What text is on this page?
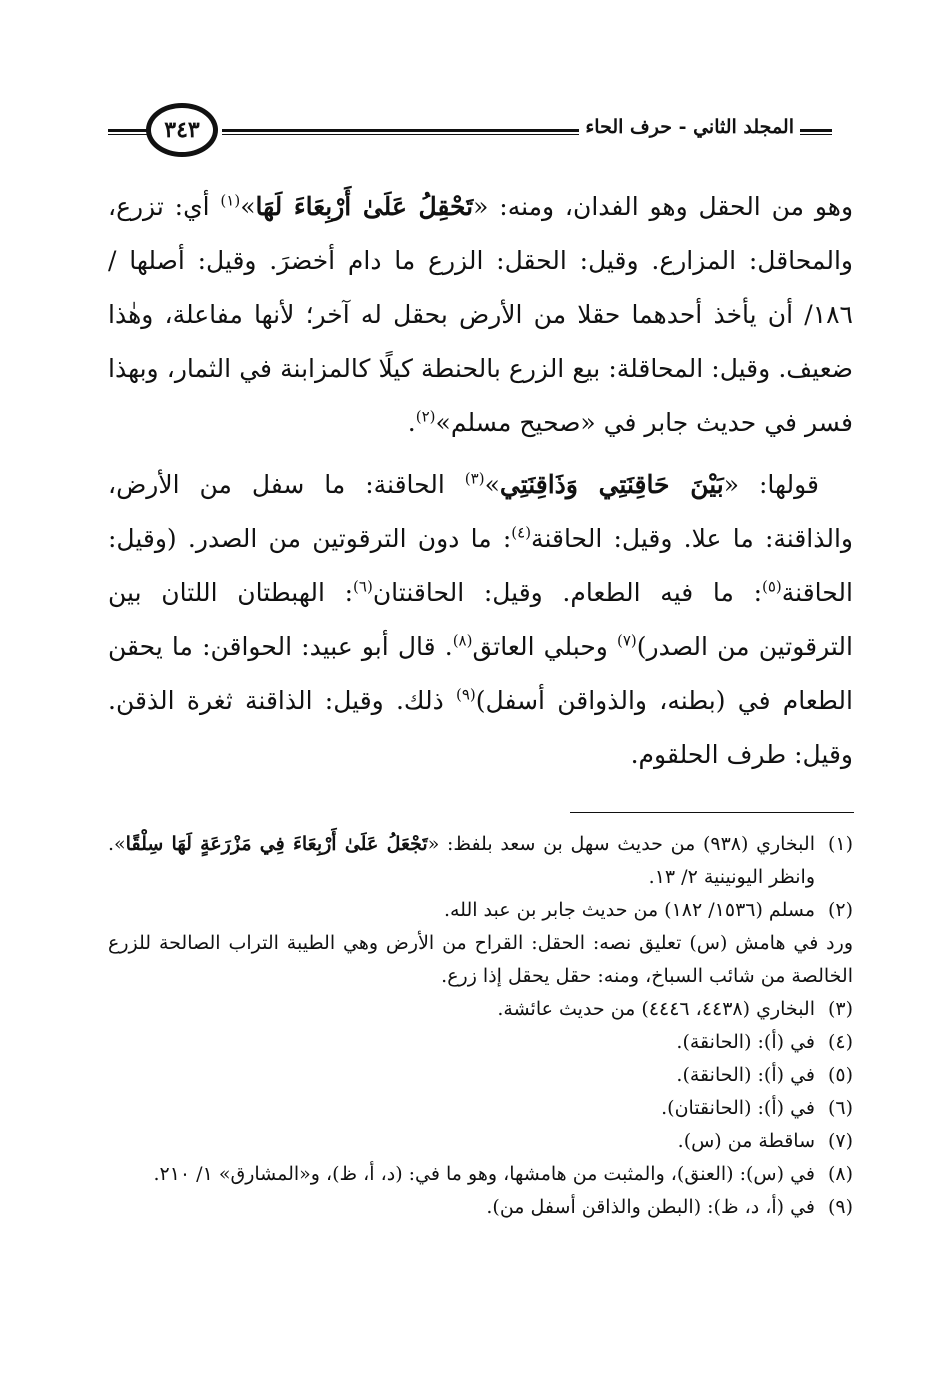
٣٤٣	المجلد الثاني - حرف الحاء

وهو من الحقل وهو الفدان، ومنه: «تَحْقِلُ عَلَىٰ أَرْبِعَاءَ لَهَا»$^{(١)}$ أي: تزرع، والمحاقل: المزارع. وقيل: الحقل: الزرع ما دام أخضرَ. وقيل: أصلها /١٨٦/ أن يأخذ أحدهما حقلا من الأرض بحقل له آخر؛ لأنها مفاعلة، وهٰذا ضعيف. وقيل: المحاقلة: بيع الزرع بالحنطة كيلًا كالمزابنة في الثمار، وبهذا فسر في حديث جابر في «صحيح مسلم»$^{(٢)}$.

قولها: «بَيْنَ حَاقِنَتِي وَذَاقِنَتِي»$^{(٣)}$ الحاقنة: ما سفل من الأرض، والذاقنة: ما علا. وقيل: الحاقنة$^{(٤)}$: ما دون الترقوتين من الصدر. (وقيل: الحاقنة$^{(٥)}$: ما فيه الطعام. وقيل: الحاقنتان$^{(٦)}$: الهبطتان اللتان بين الترقوتين من الصدر)$^{(٧)}$ وحبلي العاتق$^{(٨)}$. قال أبو عبيد: الحواقن: ما يحقن الطعام في (بطنه، والذواقن أسفل)$^{(٩)}$ ذلك. وقيل: الذاقنة ثغرة الذقن. وقيل: طرف الحلقوم.

(١)
البخاري (٩٣٨) من حديث سهل بن سعد بلفظ: «تَجْعَلُ عَلَىٰ أَرْبِعَاءَ فِي مَزْرَعَةٍ لَهَا سِلْقًا». وانظر اليونينية ٢/ ١٣.
(٢)
مسلم (١٥٣٦/ ١٨٢) من حديث جابر بن عبد الله.
ورد في هامش (س) تعليق نصه: الحقل: القراح من الأرض وهي الطيبة التراب الصالحة للزرع الخالصة من شائب السباخ، ومنه: حقل يحقل إذا زرع.
(٣)
البخاري (٤٤٣٨، ٤٤٤٦) من حديث عائشة.
(٤)
في (أ): (الحانقة).
(٥)
في (أ): (الحانقة).
(٦)
في (أ): (الحانقتان).
(٧)
ساقطة من (س).
(٨)
في (س): (العنق)، والمثبت من هامشها، وهو ما في: (د، أ، ظ)، و«المشارق» ١/ ٢١٠.
(٩)
في (أ، د، ظ): (البطن والذاقن أسفل من).
